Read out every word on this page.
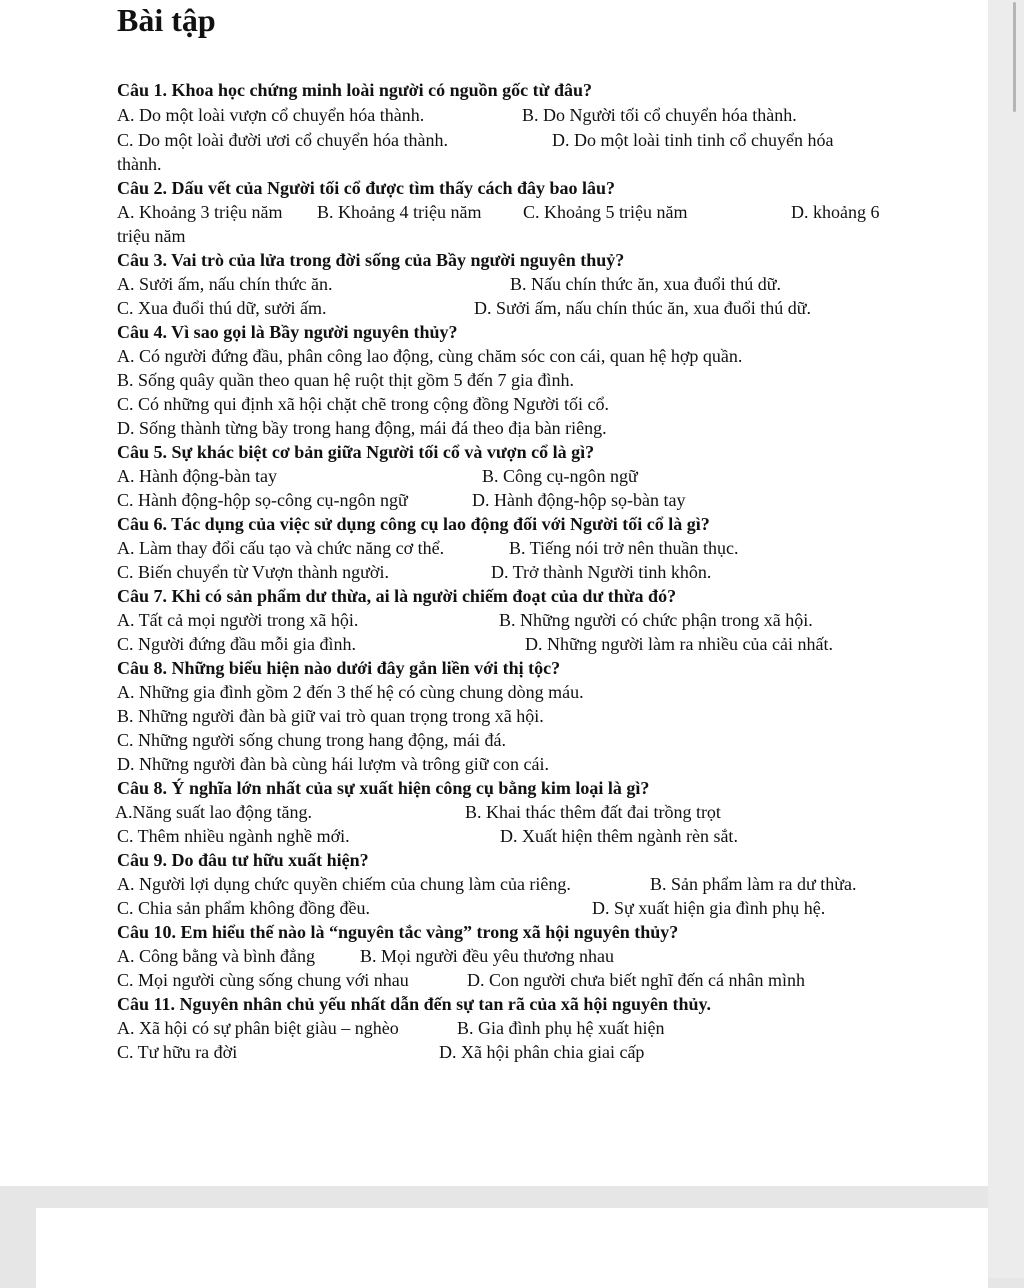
Bài tập
Câu 1. Khoa học chứng minh loài người có nguồn gốc từ đâu?
A. Do một loài vượn cổ chuyển hóa thành.	B. Do Người tối cổ chuyển hóa thành.
C. Do một loài đười ươi cổ chuyển hóa thành.	D. Do một loài tinh tinh cổ chuyển hóa
thành.
Câu 2. Dấu vết của Người tối cổ được tìm thấy cách đây bao lâu?
A. Khoảng 3 triệu năm B. Khoảng 4 triệu năm C. Khoảng 5 triệu năm	D. khoảng 6
triệu năm
Câu 3. Vai trò của lửa trong đời sống của Bầy người nguyên thuỷ?
A. Sưởi ấm, nấu chín thức ăn.	B. Nấu chín thức ăn, xua đuổi thú dữ.
C. Xua đuổi thú dữ, sưởi ấm.	D. Sưởi ấm, nấu chín thúc ăn, xua đuổi thú dữ.
Câu 4. Vì sao gọi là Bầy người nguyên thủy?
A. Có người đứng đầu, phân công lao động, cùng chăm sóc con cái, quan hệ hợp quần.
B. Sống quây quần theo quan hệ ruột thịt gồm 5 đến 7 gia đình.
C. Có những qui định xã hội chặt chẽ trong cộng đồng Người tối cổ.
D. Sống thành từng bầy trong hang động, mái đá theo địa bàn riêng.
Câu 5. Sự khác biệt cơ bản giữa Người tối cổ và vượn cổ là gì?
A. Hành động-bàn tay	B. Công cụ-ngôn ngữ
C. Hành động-hộp sọ-công cụ-ngôn ngữ	D. Hành động-hộp sọ-bàn tay
Câu 6. Tác dụng của việc sử dụng công cụ lao động đối với Người tối cổ là gì?
A. Làm thay đổi cấu tạo và chức năng cơ thể.	B. Tiếng nói trở nên thuần thục.
C. Biến chuyển từ Vượn thành người.	D. Trở thành Người tinh khôn.
Câu 7. Khi có sản phẩm dư thừa, ai là người chiếm đoạt của dư thừa đó?
A. Tất cả mọi người trong xã hội.	B. Những người có chức phận trong xã hội.
C. Người đứng đầu mỗi gia đình.	D. Những người làm ra nhiều của cải nhất.
Câu 8. Những biểu hiện nào dưới đây gắn liền với thị tộc?
A. Những gia đình gồm 2 đến 3 thế hệ có cùng chung dòng máu.
B. Những người đàn bà giữ vai trò quan trọng trong xã hội.
C. Những người sống chung trong hang động, mái đá.
D. Những người đàn bà cùng hái lượm và trông giữ con cái.
Câu 8. Ý nghĩa lớn nhất của sự xuất hiện công cụ bằng kim loại là gì?
A.Năng suất lao động tăng.	B. Khai thác thêm đất đai trồng trọt
C. Thêm nhiều ngành nghề mới.	D. Xuất hiện thêm ngành rèn sắt.
Câu 9. Do đâu tư hữu xuất hiện?
A. Người lợi dụng chức quyền chiếm của chung làm của riêng.	B. Sản phẩm làm ra dư thừa.
C. Chia sản phẩm không đồng đều.	D. Sự xuất hiện gia đình phụ hệ.
Câu 10. Em hiểu thế nào là “nguyên tắc vàng” trong xã hội nguyên thủy?
A. Công bằng và bình đẳng	B. Mọi người đều yêu thương nhau
C. Mọi người cùng sống chung với nhau	D. Con người chưa biết nghĩ đến cá nhân mình
Câu 11. Nguyên nhân chủ yếu nhất dẫn đến sự tan rã của xã hội nguyên thủy.
A. Xã hội có sự phân biệt giàu – nghèo	B. Gia đình phụ hệ xuất hiện
C. Tư hữu ra đời	D. Xã hội phân chia giai cấp
